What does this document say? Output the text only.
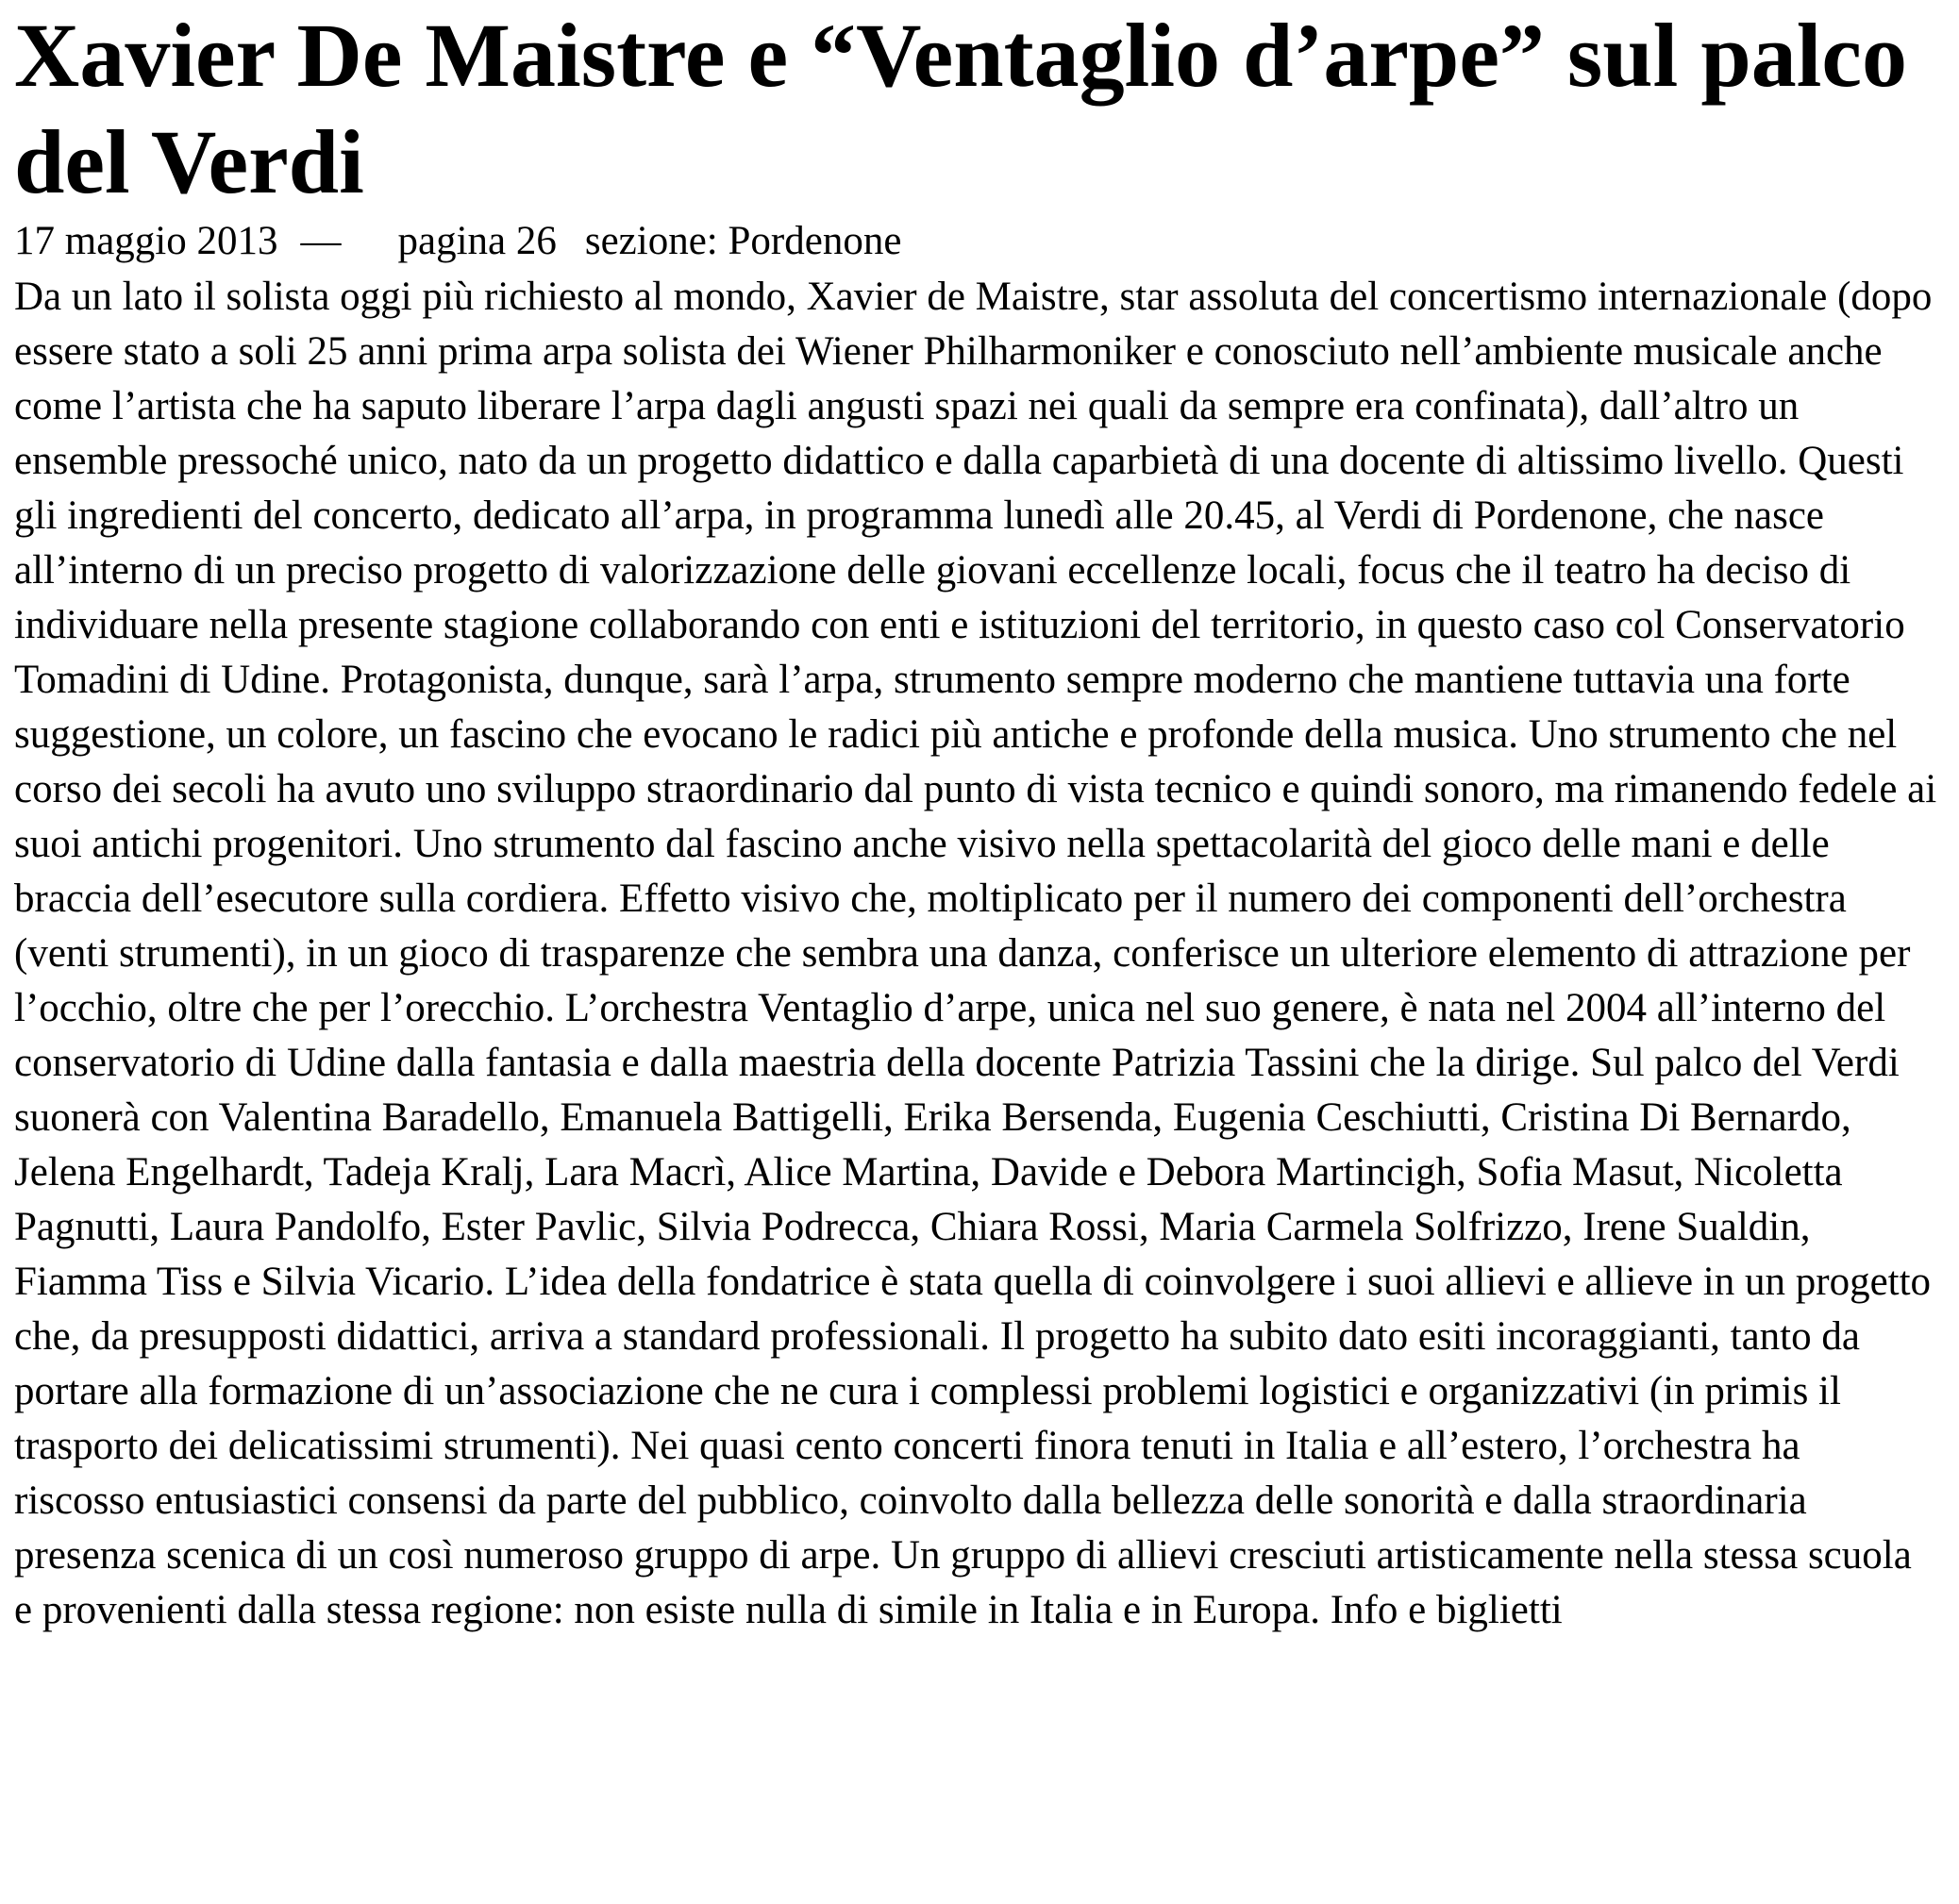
Xavier De Maistre e “Ventaglio d’arpe” sul palco del Verdi

17 maggio 2013 — pagina 26 sezione: Pordenone

Da un lato il solista oggi più richiesto al mondo, Xavier de Maistre, star assoluta del concertismo internazionale (dopo essere stato a soli 25 anni prima arpa solista dei Wiener Philharmoniker e conosciuto nell’ambiente musicale anche come l’artista che ha saputo liberare l’arpa dagli angusti spazi nei quali da sempre era confinata), dall’altro un ensemble pressoché unico, nato da un progetto didattico e dalla caparbietà di una docente di altissimo livello. Questi gli ingredienti del concerto, dedicato all’arpa, in programma lunedì alle 20.45, al Verdi di Pordenone, che nasce all’interno di un preciso progetto di valorizzazione delle giovani eccellenze locali, focus che il teatro ha deciso di individuare nella presente stagione collaborando con enti e istituzioni del territorio, in questo caso col Conservatorio Tomadini di Udine. Protagonista, dunque, sarà l’arpa, strumento sempre moderno che mantiene tuttavia una forte suggestione, un colore, un fascino che evocano le radici più antiche e profonde della musica. Uno strumento che nel corso dei secoli ha avuto uno sviluppo straordinario dal punto di vista tecnico e quindi sonoro, ma rimanendo fedele ai suoi antichi progenitori. Uno strumento dal fascino anche visivo nella spettacolarità del gioco delle mani e delle braccia dell’esecutore sulla cordiera. Effetto visivo che, moltiplicato per il numero dei componenti dell’orchestra (venti strumenti), in un gioco di trasparenze che sembra una danza, conferisce un ulteriore elemento di attrazione per l’occhio, oltre che per l’orecchio. L’orchestra Ventaglio d’arpe, unica nel suo genere, è nata nel 2004 all’interno del conservatorio di Udine dalla fantasia e dalla maestria della docente Patrizia Tassini che la dirige. Sul palco del Verdi suonerà con Valentina Baradello, Emanuela Battigelli, Erika Bersenda, Eugenia Ceschiutti, Cristina Di Bernardo, Jelena Engelhardt, Tadeja Kralj, Lara Macrì, Alice Martina, Davide e Debora Martincigh, Sofia Masut, Nicoletta Pagnutti, Laura Pandolfo, Ester Pavlic, Silvia Podrecca, Chiara Rossi, Maria Carmela Solfrizzo, Irene Sualdin, Fiamma Tiss e Silvia Vicario. L’idea della fondatrice è stata quella di coinvolgere i suoi allievi e allieve in un progetto che, da presupposti didattici, arriva a standard professionali. Il progetto ha subito dato esiti incoraggianti, tanto da portare alla formazione di un’associazione che ne cura i complessi problemi logistici e organizzativi (in primis il trasporto dei delicatissimi strumenti). Nei quasi cento concerti finora tenuti in Italia e all’estero, l’orchestra ha riscosso entusiastici consensi da parte del pubblico, coinvolto dalla bellezza delle sonorità e dalla straordinaria presenza scenica di un così numeroso gruppo di arpe. Un gruppo di allievi cresciuti artisticamente nella stessa scuola e provenienti dalla stessa regione: non esiste nulla di simile in Italia e in Europa. Info e biglietti
